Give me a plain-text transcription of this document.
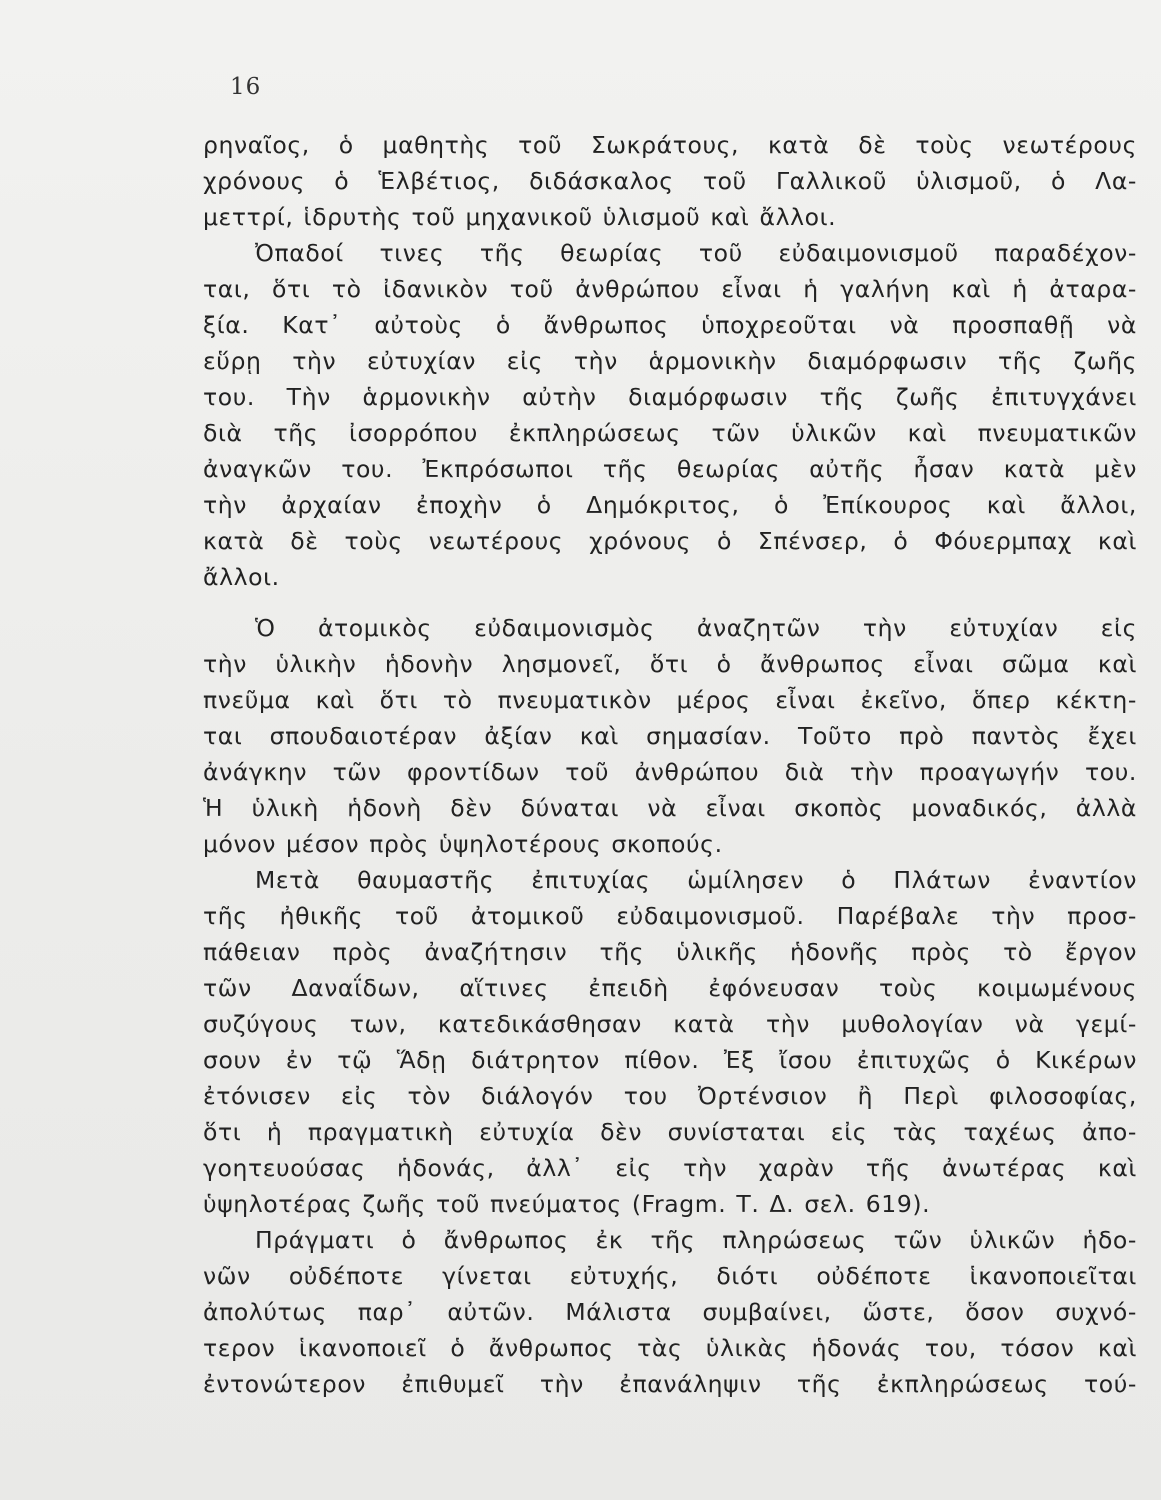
16
ρηναῖος, ὁ μαθητὴς τοῦ Σωκράτους, κατὰ δὲ τοὺς νεωτέρους
χρόνους ὁ Ἑλβέτιος, διδάσκαλος τοῦ Γαλλικοῦ ὑλισμοῦ, ὁ Λα-
μεττρί, ἱδρυτὴς τοῦ μηχανικοῦ ὑλισμοῦ καὶ ἄλλοι.
Ὀπαδοί τινες τῆς θεωρίας τοῦ εὐδαιμονισμοῦ παραδέχον-
ται, ὅτι τὸ ἰδανικὸν τοῦ ἀνθρώπου εἶναι ἡ γαλήνη καὶ ἡ ἀταρα-
ξία. Κατ᾽ αὐτοὺς ὁ ἄνθρωπος ὑποχρεοῦται νὰ προσπαθῇ νὰ
εὕρῃ τὴν εὐτυχίαν εἰς τὴν ἁρμονικὴν διαμόρφωσιν τῆς ζωῆς
του. Τὴν ἁρμονικὴν αὐτὴν διαμόρφωσιν τῆς ζωῆς ἐπιτυγχάνει
διὰ τῆς ἰσορρόπου ἐκπληρώσεως τῶν ὑλικῶν καὶ πνευματικῶν
ἀναγκῶν του. Ἐκπρόσωποι τῆς θεωρίας αὐτῆς ἦσαν κατὰ μὲν
τὴν ἀρχαίαν ἐποχὴν ὁ Δημόκριτος, ὁ Ἐπίκουρος καὶ ἄλλοι,
κατὰ δὲ τοὺς νεωτέρους χρόνους ὁ Σπένσερ, ὁ Φόυερμπαχ καὶ
ἄλλοι.
Ὁ ἀτομικὸς εὐδαιμονισμὸς ἀναζητῶν τὴν εὐτυχίαν εἰς
τὴν ὑλικὴν ἡδονὴν λησμονεῖ, ὅτι ὁ ἄνθρωπος εἶναι σῶμα καὶ
πνεῦμα καὶ ὅτι τὸ πνευματικὸν μέρος εἶναι ἐκεῖνο, ὅπερ κέκτη-
ται σπουδαιοτέραν ἀξίαν καὶ σημασίαν. Τοῦτο πρὸ παντὸς ἔχει
ἀνάγκην τῶν φροντίδων τοῦ ἀνθρώπου διὰ τὴν προαγωγήν του.
Ἡ ὑλικὴ ἡδονὴ δὲν δύναται νὰ εἶναι σκοπὸς μοναδικός, ἀλλὰ
μόνον μέσον πρὸς ὑψηλοτέρους σκοπούς.
Μετὰ θαυμαστῆς ἐπιτυχίας ὡμίλησεν ὁ Πλάτων ἐναντίον
τῆς ἠθικῆς τοῦ ἀτομικοῦ εὐδαιμονισμοῦ. Παρέβαλε τὴν προσ-
πάθειαν πρὸς ἀναζήτησιν τῆς ὑλικῆς ἡδονῆς πρὸς τὸ ἔργον
τῶν Δαναΐδων, αἵτινες ἐπειδὴ ἐφόνευσαν τοὺς κοιμωμένους
συζύγους των, κατεδικάσθησαν κατὰ τὴν μυθολογίαν νὰ γεμί-
σουν ἐν τῷ Ἅδῃ διάτρητον πίθον. Ἐξ ἴσου ἐπιτυχῶς ὁ Κικέρων
ἐτόνισεν εἰς τὸν διάλογόν του Ὀρτένσιον ἢ Περὶ φιλοσοφίας,
ὅτι ἡ πραγματικὴ εὐτυχία δὲν συνίσταται εἰς τὰς ταχέως ἀπο-
γοητευούσας ἡδονάς, ἀλλ᾽ εἰς τὴν χαρὰν τῆς ἀνωτέρας καὶ
ὑψηλοτέρας ζωῆς τοῦ πνεύματος (Fragm. Τ. Δ. σελ. 619).
Πράγματι ὁ ἄνθρωπος ἐκ τῆς πληρώσεως τῶν ὑλικῶν ἡδο-
νῶν οὐδέποτε γίνεται εὐτυχής, διότι οὐδέποτε ἱκανοποιεῖται
ἀπολύτως παρ᾽ αὐτῶν. Μάλιστα συμβαίνει, ὥστε, ὅσον συχνό-
τερον ἱκανοποιεῖ ὁ ἄνθρωπος τὰς ὑλικὰς ἡδονάς του, τόσον καὶ
ἐντονώτερον ἐπιθυμεῖ τὴν ἐπανάληψιν τῆς ἐκπληρώσεως τού-
